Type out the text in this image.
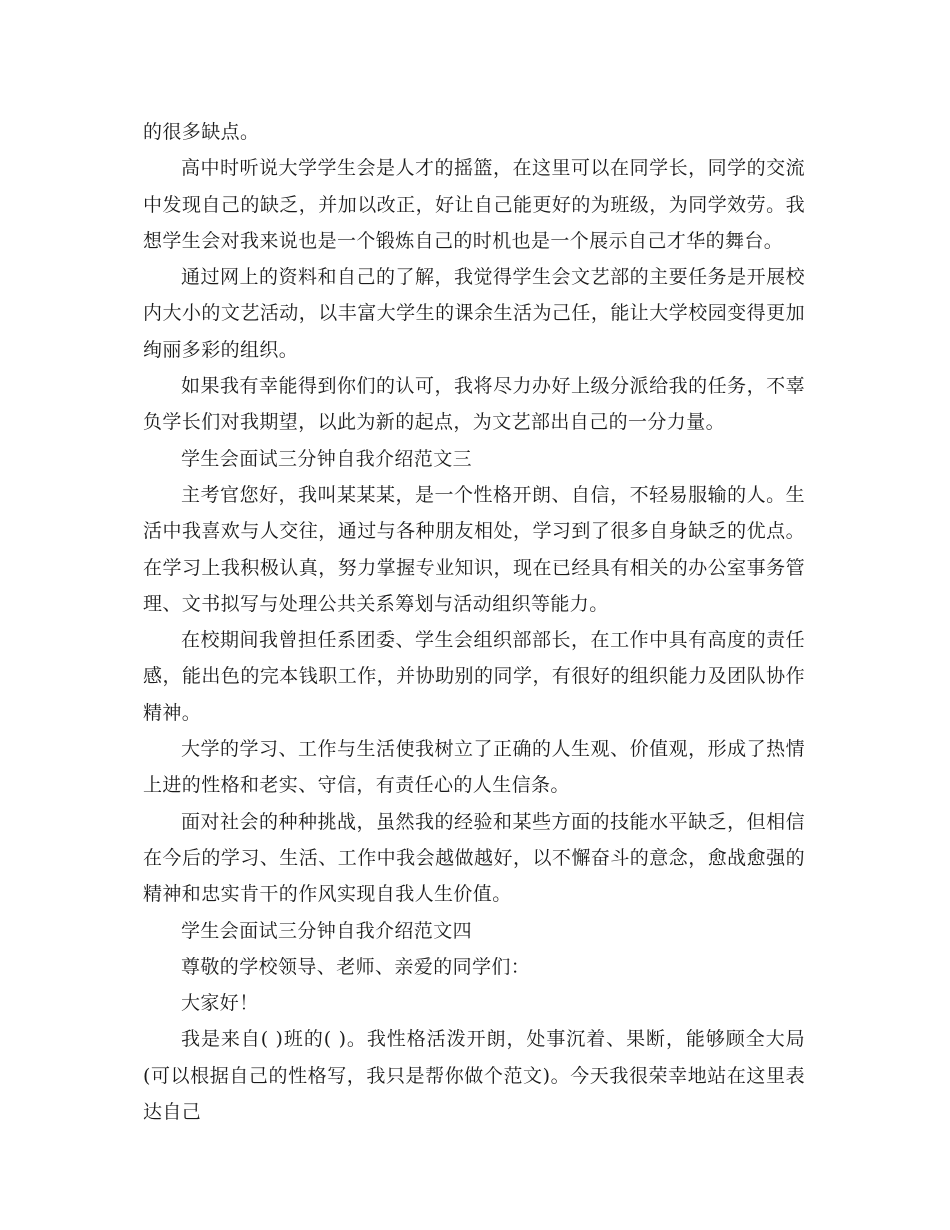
的很多缺点。

高中时听说大学学生会是人才的摇篮，在这里可以在同学长，同学的交流中发现自己的缺乏，并加以改正，好让自己能更好的为班级，为同学效劳。我想学生会对我来说也是一个锻炼自己的时机也是一个展示自己才华的舞台。

通过网上的资料和自己的了解，我觉得学生会文艺部的主要任务是开展校内大小的文艺活动，以丰富大学生的课余生活为己任，能让大学校园变得更加绚丽多彩的组织。

如果我有幸能得到你们的认可，我将尽力办好上级分派给我的任务，不辜负学长们对我期望，以此为新的起点，为文艺部出自己的一分力量。

学生会面试三分钟自我介绍范文三

主考官您好，我叫某某某，是一个性格开朗、自信，不轻易服输的人。生活中我喜欢与人交往，通过与各种朋友相处，学习到了很多自身缺乏的优点。在学习上我积极认真，努力掌握专业知识，现在已经具有相关的办公室事务管理、文书拟写与处理公共关系筹划与活动组织等能力。

在校期间我曾担任系团委、学生会组织部部长，在工作中具有高度的责任感，能出色的完本钱职工作，并协助别的同学，有很好的组织能力及团队协作精神。

大学的学习、工作与生活使我树立了正确的人生观、价值观，形成了热情上进的性格和老实、守信，有责任心的人生信条。

面对社会的种种挑战，虽然我的经验和某些方面的技能水平缺乏，但相信在今后的学习、生活、工作中我会越做越好，以不懈奋斗的意念，愈战愈强的精神和忠实肯干的作风实现自我人生价值。

学生会面试三分钟自我介绍范文四

尊敬的学校领导、老师、亲爱的同学们：

大家好！

我是来自( )班的( )。我性格活泼开朗，处事沉着、果断，能够顾全大局(可以根据自己的性格写，我只是帮你做个范文)。今天我很荣幸地站在这里表达自己
